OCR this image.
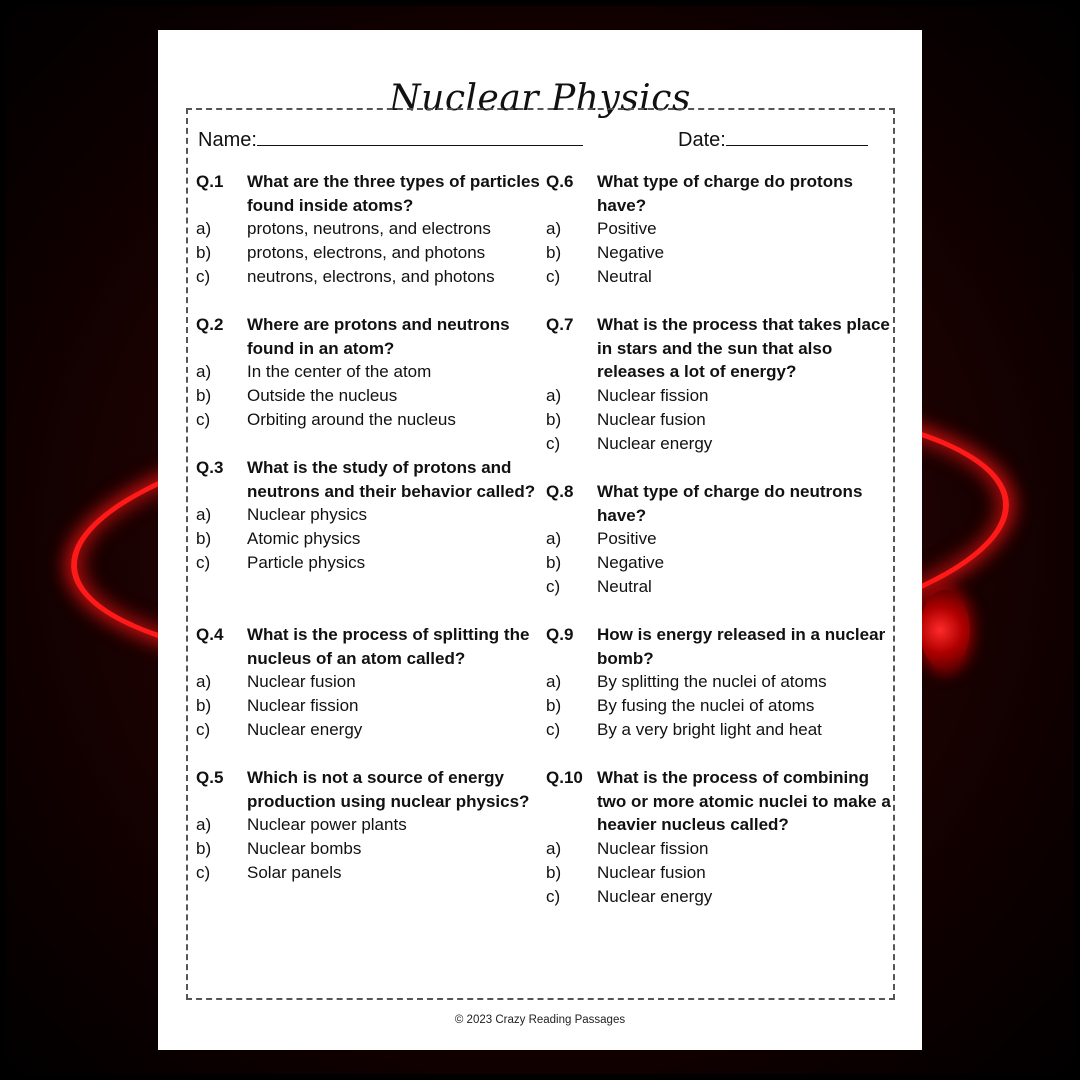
Nuclear Physics
Name:	Date:
Q.1	What are the three types of particles found inside atoms?
a)	protons, neutrons, and electrons
b)	protons, electrons, and photons
c)	neutrons, electrons, and photons
Q.2	Where are protons and neutrons found in an atom?
a)	In the center of the atom
b)	Outside the nucleus
c)	Orbiting around the nucleus
Q.3	What is the study of protons and neutrons and their behavior called?
a)	Nuclear physics
b)	Atomic physics
c)	Particle physics
Q.4	What is the process of splitting the nucleus of an atom called?
a)	Nuclear fusion
b)	Nuclear fission
c)	Nuclear energy
Q.5	Which is not a source of energy production using nuclear physics?
a)	Nuclear power plants
b)	Nuclear bombs
c)	Solar panels
Q.6	What type of charge do protons have?
a)	Positive
b)	Negative
c)	Neutral
Q.7	What is the process that takes place in stars and the sun that also releases a lot of energy?
a)	Nuclear fission
b)	Nuclear fusion
c)	Nuclear energy
Q.8	What type of charge do neutrons have?
a)	Positive
b)	Negative
c)	Neutral
Q.9	How is energy released in a nuclear bomb?
a)	By splitting the nuclei of atoms
b)	By fusing the nuclei of atoms
c)	By a very bright light and heat
Q.10 What is the process of combining two or more atomic nuclei to make a heavier nucleus called?
a)	Nuclear fission
b)	Nuclear fusion
c)	Nuclear energy
© 2023 Crazy Reading Passages
